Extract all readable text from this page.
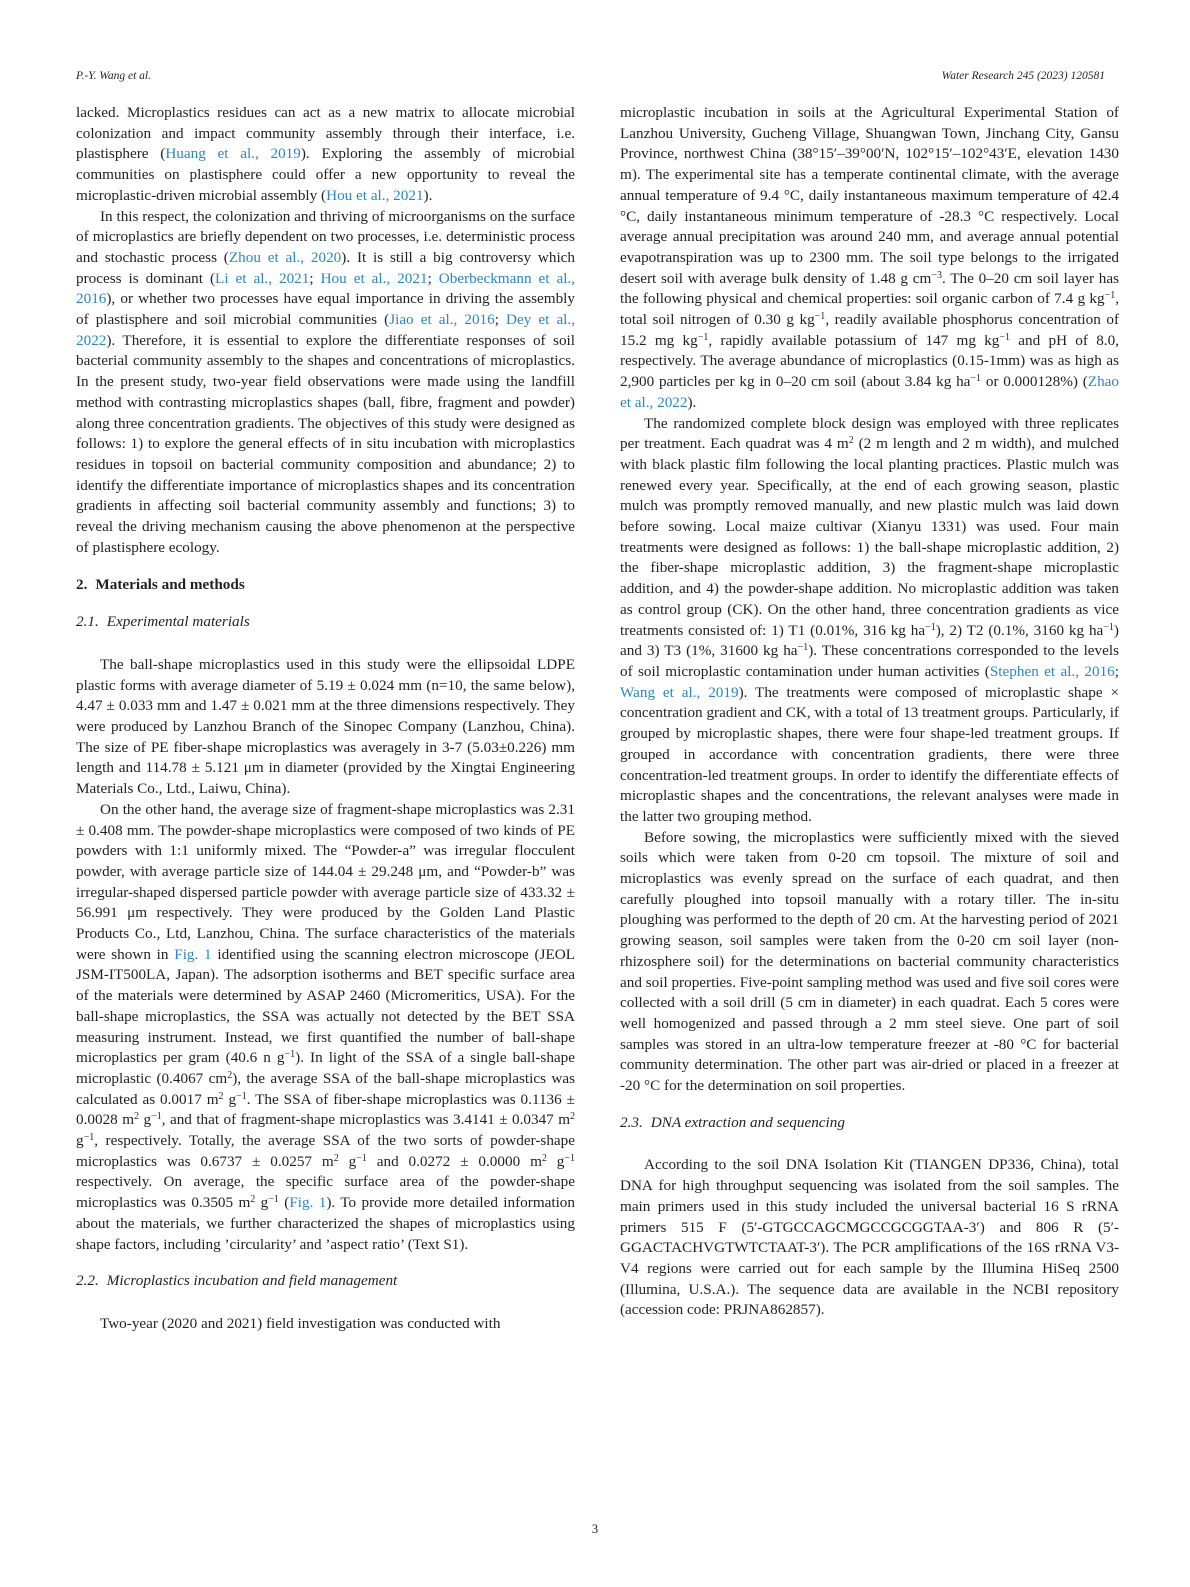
P.-Y. Wang et al.	Water Research 245 (2023) 120581

lacked. Microplastics residues can act as a new matrix to allocate microbial colonization and impact community assembly through their interface, i.e. plastisphere (Huang et al., 2019). Exploring the assembly of microbial communities on plastisphere could offer a new opportunity to reveal the microplastic-driven microbial assembly (Hou et al., 2021).

In this respect, the colonization and thriving of microorganisms on the surface of microplastics are briefly dependent on two processes, i.e. deterministic process and stochastic process (Zhou et al., 2020). It is still a big controversy which process is dominant (Li et al., 2021; Hou et al., 2021; Oberbeckmann et al., 2016), or whether two processes have equal importance in driving the assembly of plastisphere and soil microbial communities (Jiao et al., 2016; Dey et al., 2022). Therefore, it is essential to explore the differentiate responses of soil bacterial community assembly to the shapes and concentrations of microplastics. In the present study, two-year field observations were made using the landfill method with contrasting microplastics shapes (ball, fibre, fragment and powder) along three concentration gradients. The objectives of this study were designed as follows: 1) to explore the general effects of in situ incubation with microplastics residues in topsoil on bacterial community composition and abundance; 2) to identify the differentiate importance of microplastics shapes and its concentration gradients in affecting soil bacterial community assembly and functions; 3) to reveal the driving mechanism causing the above phenomenon at the perspective of plastisphere ecology.

2. Materials and methods
2.1. Experimental materials

The ball-shape microplastics used in this study were the ellipsoidal LDPE plastic forms with average diameter of 5.19 ± 0.024 mm (n=10, the same below), 4.47 ± 0.033 mm and 1.47 ± 0.021 mm at the three dimensions respectively. They were produced by Lanzhou Branch of the Sinopec Company (Lanzhou, China). The size of PE fiber-shape microplastics was averagely in 3-7 (5.03±0.226) mm length and 114.78 ± 5.121 μm in diameter (provided by the Xingtai Engineering Materials Co., Ltd., Laiwu, China).

On the other hand, the average size of fragment-shape microplastics was 2.31 ± 0.408 mm. The powder-shape microplastics were composed of two kinds of PE powders with 1:1 uniformly mixed. The “Powder-a” was irregular flocculent powder, with average particle size of 144.04 ± 29.248 μm, and “Powder-b” was irregular-shaped dispersed particle powder with average particle size of 433.32 ± 56.991 μm respectively. They were produced by the Golden Land Plastic Products Co., Ltd, Lanzhou, China. The surface characteristics of the materials were shown in Fig. 1 identified using the scanning electron microscope (JEOL JSM-IT500LA, Japan). The adsorption isotherms and BET specific surface area of the materials were determined by ASAP 2460 (Micromeritics, USA). For the ball-shape microplastics, the SSA was actually not detected by the BET SSA measuring instrument. Instead, we first quantified the number of ball-shape microplastics per gram (40.6 n $g^{-1}$). In light of the SSA of a single ball-shape microplastic (0.4067 $cm^2$), the average SSA of the ball-shape microplastics was calculated as 0.0017 $m^2$ $g^{-1}$. The SSA of fiber-shape microplastics was 0.1136 ± 0.0028 $m^2$ $g^{-1}$, and that of fragment-shape microplastics was 3.4141 ± 0.0347 $m^2$ $g^{-1}$, respectively. Totally, the average SSA of the two sorts of powder-shape microplastics was 0.6737 ± 0.0257 $m^2$ $g^{-1}$ and 0.0272 ± 0.0000 $m^2$ $g^{-1}$ respectively. On average, the specific surface area of the powder-shape microplastics was 0.3505 $m^2$ $g^{-1}$ (Fig. 1). To provide more detailed information about the materials, we further characterized the shapes of microplastics using shape factors, including ’circularity’ and ’aspect ratio’ (Text S1).

2.2. Microplastics incubation and field management

Two-year (2020 and 2021) field investigation was conducted with

microplastic incubation in soils at the Agricultural Experimental Station of Lanzhou University, Gucheng Village, Shuangwan Town, Jinchang City, Gansu Province, northwest China (38°15′–39°00′N, 102°15′–102°43′E, elevation 1430 m). The experimental site has a temperate continental climate, with the average annual temperature of 9.4 °C, daily instantaneous maximum temperature of 42.4 °C, daily instantaneous minimum temperature of -28.3 °C respectively. Local average annual precipitation was around 240 mm, and average annual potential evapotranspiration was up to 2300 mm. The soil type belongs to the irrigated desert soil with average bulk density of 1.48 g $cm^{-3}$. The 0–20 cm soil layer has the following physical and chemical properties: soil organic carbon of 7.4 g $kg^{-1}$, total soil nitrogen of 0.30 g $kg^{-1}$, readily available phosphorus concentration of 15.2 mg $kg^{-1}$, rapidly available potassium of 147 mg $kg^{-1}$ and pH of 8.0, respectively. The average abundance of microplastics (0.15-1mm) was as high as 2,900 particles per kg in 0–20 cm soil (about 3.84 kg $ha^{-1}$ or 0.000128%) (Zhao et al., 2022).

The randomized complete block design was employed with three replicates per treatment. Each quadrat was 4 $m^2$ (2 m length and 2 m width), and mulched with black plastic film following the local planting practices. Plastic mulch was renewed every year. Specifically, at the end of each growing season, plastic mulch was promptly removed manually, and new plastic mulch was laid down before sowing. Local maize cultivar (Xianyu 1331) was used. Four main treatments were designed as follows: 1) the ball-shape microplastic addition, 2) the fiber-shape microplastic addition, 3) the fragment-shape microplastic addition, and 4) the powder-shape addition. No microplastic addition was taken as control group (CK). On the other hand, three concentration gradients as vice treatments consisted of: 1) T1 (0.01%, 316 kg $ha^{-1}$), 2) T2 (0.1%, 3160 kg $ha^{-1}$) and 3) T3 (1%, 31600 kg $ha^{-1}$). These concentrations corresponded to the levels of soil microplastic contamination under human activities (Stephen et al., 2016; Wang et al., 2019). The treatments were composed of microplastic shape × concentration gradient and CK, with a total of 13 treatment groups. Particularly, if grouped by microplastic shapes, there were four shape-led treatment groups. If grouped in accordance with concentration gradients, there were three concentration-led treatment groups. In order to identify the differentiate effects of microplastic shapes and the concentrations, the relevant analyses were made in the latter two grouping method.

Before sowing, the microplastics were sufficiently mixed with the sieved soils which were taken from 0-20 cm topsoil. The mixture of soil and microplastics was evenly spread on the surface of each quadrat, and then carefully ploughed into topsoil manually with a rotary tiller. The in-situ ploughing was performed to the depth of 20 cm. At the harvesting period of 2021 growing season, soil samples were taken from the 0-20 cm soil layer (non-rhizosphere soil) for the determinations on bacterial community characteristics and soil properties. Five-point sampling method was used and five soil cores were collected with a soil drill (5 cm in diameter) in each quadrat. Each 5 cores were well homogenized and passed through a 2 mm steel sieve. One part of soil samples was stored in an ultra-low temperature freezer at -80 °C for bacterial community determination. The other part was air-dried or placed in a freezer at -20 °C for the determination on soil properties.

2.3. DNA extraction and sequencing

According to the soil DNA Isolation Kit (TIANGEN DP336, China), total DNA for high throughput sequencing was isolated from the soil samples. The main primers used in this study included the universal bacterial 16 S rRNA primers 515 F (5′-GTGCCAGCMGCCGCGGTAA-3′) and 806 R (5′-GGACTACHVGTWTCTAAT-3′). The PCR amplifications of the 16S rRNA V3-V4 regions were carried out for each sample by the Illumina HiSeq 2500 (Illumina, U.S.A.). The sequence data are available in the NCBI repository (accession code: PRJNA862857).

3
